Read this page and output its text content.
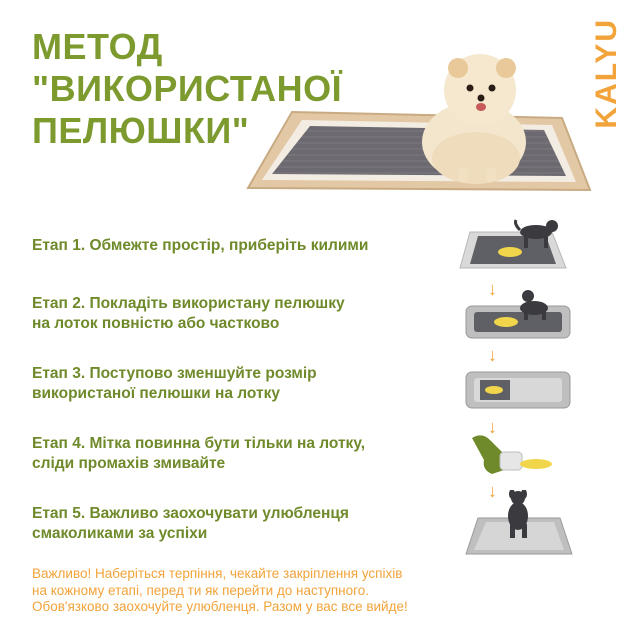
МЕТОД
"ВИКОРИСТАНОЇ
ПЕЛЮШКИ"
KALYU
Етап 1. Обмежте простір, приберіть килими
↓
Етап 2. Покладіть використану пелюшку
на лоток повністю або частково
↓
Етап 3. Поступово зменшуйте розмір
використаної пелюшки на лотку
↓
Етап 4. Мітка повинна бути тільки на лотку,
сліди промахів змивайте
↓
Етап 5. Важливо заохочувати улюбленця
смаколиками за успіхи
Важливо! Наберіться терпіння, чекайте закріплення успіхів
на кожному етапі, перед ти як перейти до наступного.
Обов'язково заохочуйте улюбленця. Разом у вас все вийде!
